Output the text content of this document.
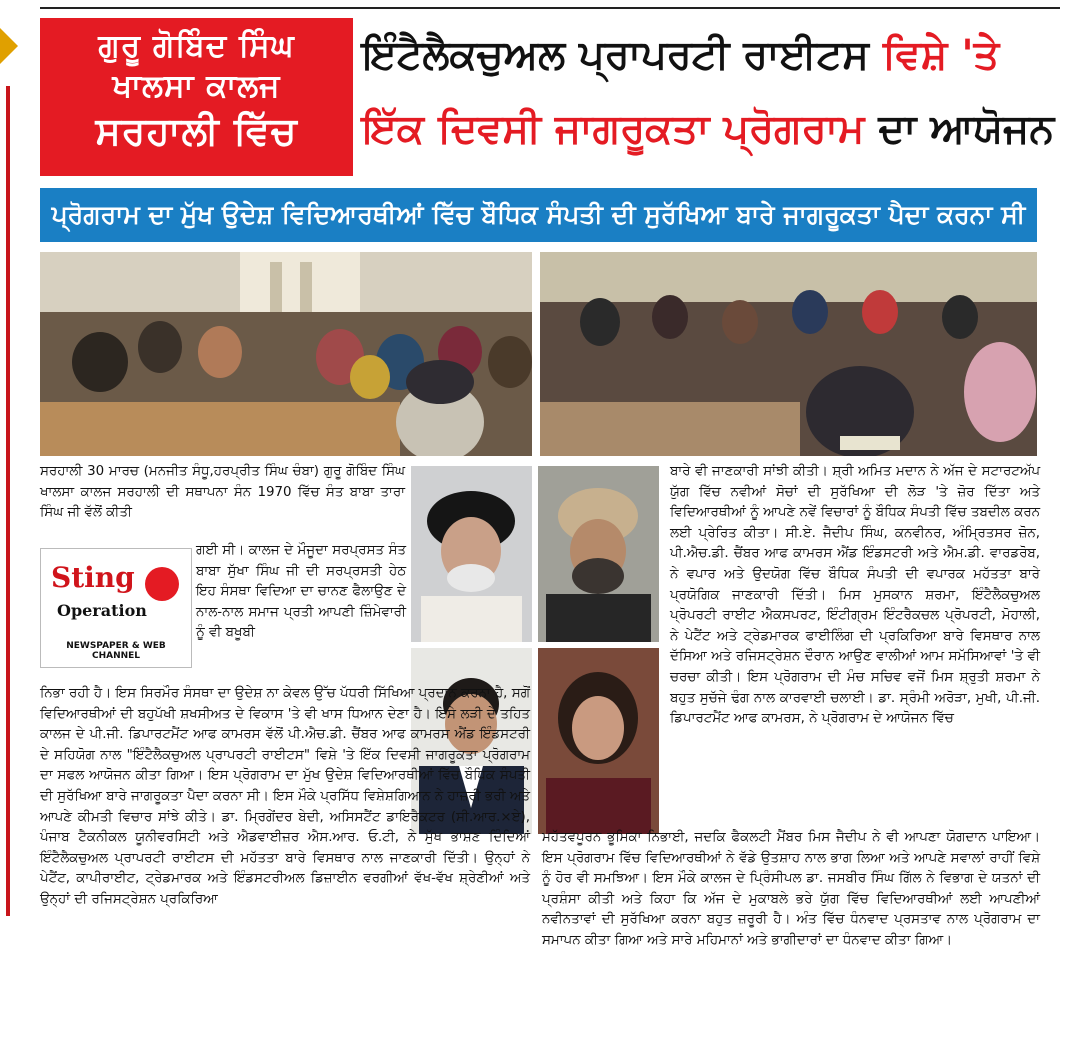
ਗੁਰੂ ਗੋਬਿੰਦ ਸਿੰਘ
ਖਾਲਸਾ ਕਾਲਜ
ਸਰਹਾਲੀ ਵਿੱਚ
ਇੰਟੈਲੈਕਚੁਅਲ ਪ੍ਰਾਪਰਟੀ ਰਾਈਟਸ ਵਿਸ਼ੇ 'ਤੇ
ਇੱਕ ਦਿਵਸੀ ਜਾਗਰੂਕਤਾ ਪ੍ਰੋਗਰਾਮ ਦਾ ਆਯੋਜਨ
ਪ੍ਰੋਗਰਾਮ ਦਾ ਮੁੱਖ ਉਦੇਸ਼ ਵਿਦਿਆਰਥੀਆਂ ਵਿੱਚ ਬੌਧਿਕ ਸੰਪਤੀ ਦੀ ਸੁਰੱਖਿਆ ਬਾਰੇ ਜਾਗਰੂਕਤਾ ਪੈਦਾ ਕਰਨਾ ਸੀ
Sting
Operation
NEWSPAPER & WEB CHANNEL

ਸਰਹਾਲੀ 30 ਮਾਰਚ (ਮਨਜੀਤ ਸੰਧੂ,ਹਰਪ੍ਰੀਤ ਸਿੰਘ ਚੰਬਾ) ਗੁਰੂ ਗੋਬਿੰਦ ਸਿੰਘ ਖਾਲਸਾ ਕਾਲਜ ਸਰਹਾਲੀ ਦੀ ਸਥਾਪਨਾ ਸੰਨ 1970 ਵਿੱਚ ਸੰਤ ਬਾਬਾ ਤਾਰਾ ਸਿੰਘ ਜੀ ਵੱਲੋਂ ਕੀਤੀ

ਗਈ ਸੀ। ਕਾਲਜ ਦੇ ਮੌਜੂਦਾ ਸਰਪ੍ਰਸਤ ਸੰਤ ਬਾਬਾ ਸੁੱਖਾ ਸਿੰਘ ਜੀ ਦੀ ਸਰਪ੍ਰਸਤੀ ਹੇਠ ਇਹ ਸੰਸਥਾ ਵਿਦਿਆ ਦਾ ਚਾਨਣ ਫੈਲਾਉਣ ਦੇ ਨਾਲ-ਨਾਲ ਸਮਾਜ ਪ੍ਰਤੀ ਆਪਣੀ ਜ਼ਿੰਮੇਵਾਰੀ ਨੂੰ ਵੀ ਬਖੂਬੀ

ਨਿਭਾ ਰਹੀ ਹੈ। ਇਸ ਸਿਰਮੌਰ ਸੰਸਥਾ ਦਾ ਉਦੇਸ਼ ਨਾ ਕੇਵਲ ਉੱਚ ਪੱਧਰੀ ਸਿੱਖਿਆ ਪ੍ਰਦਾਨ ਕਰਨਾ ਹੈ, ਸਗੋਂ ਵਿਦਿਆਰਥੀਆਂ ਦੀ ਬਹੁਪੱਖੀ ਸ਼ਖਸੀਅਤ ਦੇ ਵਿਕਾਸ 'ਤੇ ਵੀ ਖਾਸ ਧਿਆਨ ਦੇਣਾ ਹੈ। ਇਸੇ ਲੜੀ ਦੇ ਤਹਿਤ ਕਾਲਜ ਦੇ ਪੀ.ਜੀ. ਡਿਪਾਰਟਮੈਂਟ ਆਫ ਕਾਮਰਸ ਵੱਲੋਂ ਪੀ.ਐਚ.ਡੀ. ਚੈਂਬਰ ਆਫ ਕਾਮਰਸ ਐਂਡ ਇੰਡਸਟਰੀ ਦੇ ਸਹਿਯੋਗ ਨਾਲ "ਇੰਟੈਲੈਕਚੁਅਲ ਪ੍ਰਾਪਰਟੀ ਰਾਈਟਸ" ਵਿਸ਼ੇ 'ਤੇ ਇੱਕ ਦਿਵਸੀ ਜਾਗਰੂਕਤਾ ਪ੍ਰੋਗਰਾਮ ਦਾ ਸਫਲ ਆਯੋਜਨ ਕੀਤਾ ਗਿਆ। ਇਸ ਪ੍ਰੋਗਰਾਮ ਦਾ ਮੁੱਖ ਉਦੇਸ਼ ਵਿਦਿਆਰਥੀਆਂ ਵਿੱਚ ਬੌਧਿਕ ਸੰਪਤੀ ਦੀ ਸੁਰੱਖਿਆ ਬਾਰੇ ਜਾਗਰੂਕਤਾ ਪੈਦਾ ਕਰਨਾ ਸੀ। ਇਸ ਮੌਕੇ ਪ੍ਰਸਿੱਧ ਵਿਸ਼ੇਸ਼ਗਿਆਨ ਨੇ ਹਾਜ਼ਰੀ ਭਰੀ ਅਤੇ ਆਪਣੇ ਕੀਮਤੀ ਵਿਚਾਰ ਸਾਂਝੇ ਕੀਤੇ। ਡਾ. ਮ੍ਰਿਗੇਂਦਰ ਬੇਦੀ, ਅਸਿਸਟੈਂਟ ਡਾਇਰੈਕਟਰ (ਸੀ.ਆਰ.×ਏ), ਪੰਜਾਬ ਟੈਕਨੀਕਲ ਯੂਨੀਵਰਸਿਟੀ ਅਤੇ ਐਡਵਾਈਜ਼ਰ ਐਸ.ਆਰ. ਓ.ਟੀ, ਨੇ ਮੁੱਖ ਭਾਸ਼ਣ ਦਿੰਦਿਆਂ ਇੰਟੈਲੈਕਚੁਅਲ ਪ੍ਰਾਪਰਟੀ ਰਾਈਟਸ ਦੀ ਮਹੱਤਤਾ ਬਾਰੇ ਵਿਸਥਾਰ ਨਾਲ ਜਾਣਕਾਰੀ ਦਿੱਤੀ। ਉਨ੍ਹਾਂ ਨੇ ਪੇਟੈਂਟ, ਕਾਪੀਰਾਈਟ, ਟ੍ਰੇਡਮਾਰਕ ਅਤੇ ਇੰਡਸਟਰੀਅਲ ਡਿਜ਼ਾਈਨ ਵਰਗੀਆਂ ਵੱਖ-ਵੱਖ ਸ਼੍ਰੇਣੀਆਂ ਅਤੇ ਉਨ੍ਹਾਂ ਦੀ ਰਜਿਸਟ੍ਰੇਸ਼ਨ ਪ੍ਰਕਿਰਿਆ

ਬਾਰੇ ਵੀ ਜਾਣਕਾਰੀ ਸਾਂਝੀ ਕੀਤੀ। ਸ਼੍ਰੀ ਅਮਿਤ ਮਦਾਨ ਨੇ ਅੱਜ ਦੇ ਸਟਾਰਟਅੱਪ ਯੁੱਗ ਵਿੱਚ ਨਵੀਆਂ ਸੋਚਾਂ ਦੀ ਸੁਰੱਖਿਆ ਦੀ ਲੋੜ 'ਤੇ ਜ਼ੋਰ ਦਿੱਤਾ ਅਤੇ ਵਿਦਿਆਰਥੀਆਂ ਨੂੰ ਆਪਣੇ ਨਵੇਂ ਵਿਚਾਰਾਂ ਨੂੰ ਬੌਧਿਕ ਸੰਪਤੀ ਵਿੱਚ ਤਬਦੀਲ ਕਰਨ ਲਈ ਪ੍ਰੇਰਿਤ ਕੀਤਾ। ਸੀ.ਏ. ਜੈਦੀਪ ਸਿੰਘ, ਕਨਵੀਨਰ, ਅੰਮ੍ਰਿਤਸਰ ਜ਼ੋਨ, ਪੀ.ਐਚ.ਡੀ. ਚੈਂਬਰ ਆਫ ਕਾਮਰਸ ਐਂਡ ਇੰਡਸਟਰੀ ਅਤੇ ਐਮ.ਡੀ. ਵਾਰਡਰੋਬ, ਨੇ ਵਪਾਰ ਅਤੇ ਉਦਯੋਗ ਵਿੱਚ ਬੌਧਿਕ ਸੰਪਤੀ ਦੀ ਵਪਾਰਕ ਮਹੱਤਤਾ ਬਾਰੇ ਪ੍ਰਯੋਗਿਕ ਜਾਣਕਾਰੀ ਦਿੱਤੀ। ਮਿਸ ਮੁਸਕਾਨ ਸ਼ਰਮਾ, ਇੰਟੈਲੈਕਚੁਅਲ ਪ੍ਰੋਪਰਟੀ ਰਾਈਟ ਐਕਸਪਰਟ, ਇੰਟੀਗ੍ਰਮ ਇੰਟਰੈਕਚਲ ਪ੍ਰੋਪਰਟੀ, ਮੋਹਾਲੀ, ਨੇ ਪੇਟੈਂਟ ਅਤੇ ਟ੍ਰੇਡਮਾਰਕ ਫਾਈਲਿੰਗ ਦੀ ਪ੍ਰਕਿਰਿਆ ਬਾਰੇ ਵਿਸਥਾਰ ਨਾਲ ਦੱਸਿਆ ਅਤੇ ਰਜਿਸਟ੍ਰੇਸ਼ਨ ਦੌਰਾਨ ਆਉਣ ਵਾਲੀਆਂ ਆਮ ਸਮੱਸਿਆਵਾਂ 'ਤੇ ਵੀ ਚਰਚਾ ਕੀਤੀ। ਇਸ ਪ੍ਰੋਗਰਾਮ ਦੀ ਮੰਚ ਸਚਿਵ ਵਜੋਂ ਮਿਸ ਸ਼੍ਰੁਤੀ ਸ਼ਰਮਾ ਨੇ ਬਹੁਤ ਸੁਚੱਜੇ ਢੰਗ ਨਾਲ ਕਾਰਵਾਈ ਚਲਾਈ। ਡਾ. ਸ੍ਰੰਮੀ ਅਰੋੜਾ, ਮੁਖੀ, ਪੀ.ਜੀ. ਡਿਪਾਰਟਮੈਂਟ ਆਫ ਕਾਮਰਸ, ਨੇ ਪ੍ਰੋਗਰਾਮ ਦੇ ਆਯੋਜਨ ਵਿੱਚ

ਮਹੱਤਵਪੂਰਨ ਭੂਮਿਕਾ ਨਿਭਾਈ, ਜਦਕਿ ਫੈਕਲਟੀ ਮੈਂਬਰ ਮਿਸ ਜੈਦੀਪ ਨੇ ਵੀ ਆਪਣਾ ਯੋਗਦਾਨ ਪਾਇਆ। ਇਸ ਪ੍ਰੋਗਰਾਮ ਵਿੱਚ ਵਿਦਿਆਰਥੀਆਂ ਨੇ ਵੱਡੇ ਉਤਸ਼ਾਹ ਨਾਲ ਭਾਗ ਲਿਆ ਅਤੇ ਆਪਣੇ ਸਵਾਲਾਂ ਰਾਹੀਂ ਵਿਸ਼ੇ ਨੂੰ ਹੋਰ ਵੀ ਸਮਝਿਆ। ਇਸ ਮੌਕੇ ਕਾਲਜ ਦੇ ਪ੍ਰਿੰਸੀਪਲ ਡਾ. ਜਸਬੀਰ ਸਿੰਘ ਗਿੱਲ ਨੇ ਵਿਭਾਗ ਦੇ ਯਤਨਾਂ ਦੀ ਪ੍ਰਸ਼ੰਸਾ ਕੀਤੀ ਅਤੇ ਕਿਹਾ ਕਿ ਅੱਜ ਦੇ ਮੁਕਾਬਲੇ ਭਰੇ ਯੁੱਗ ਵਿੱਚ ਵਿਦਿਆਰਥੀਆਂ ਲਈ ਆਪਣੀਆਂ ਨਵੀਨਤਾਵਾਂ ਦੀ ਸੁਰੱਖਿਆ ਕਰਨਾ ਬਹੁਤ ਜ਼ਰੂਰੀ ਹੈ। ਅੰਤ ਵਿੱਚ ਧੰਨਵਾਦ ਪ੍ਰਸਤਾਵ ਨਾਲ ਪ੍ਰੋਗਰਾਮ ਦਾ ਸਮਾਪਨ ਕੀਤਾ ਗਿਆ ਅਤੇ ਸਾਰੇ ਮਹਿਮਾਨਾਂ ਅਤੇ ਭਾਗੀਦਾਰਾਂ ਦਾ ਧੰਨਵਾਦ ਕੀਤਾ ਗਿਆ।
